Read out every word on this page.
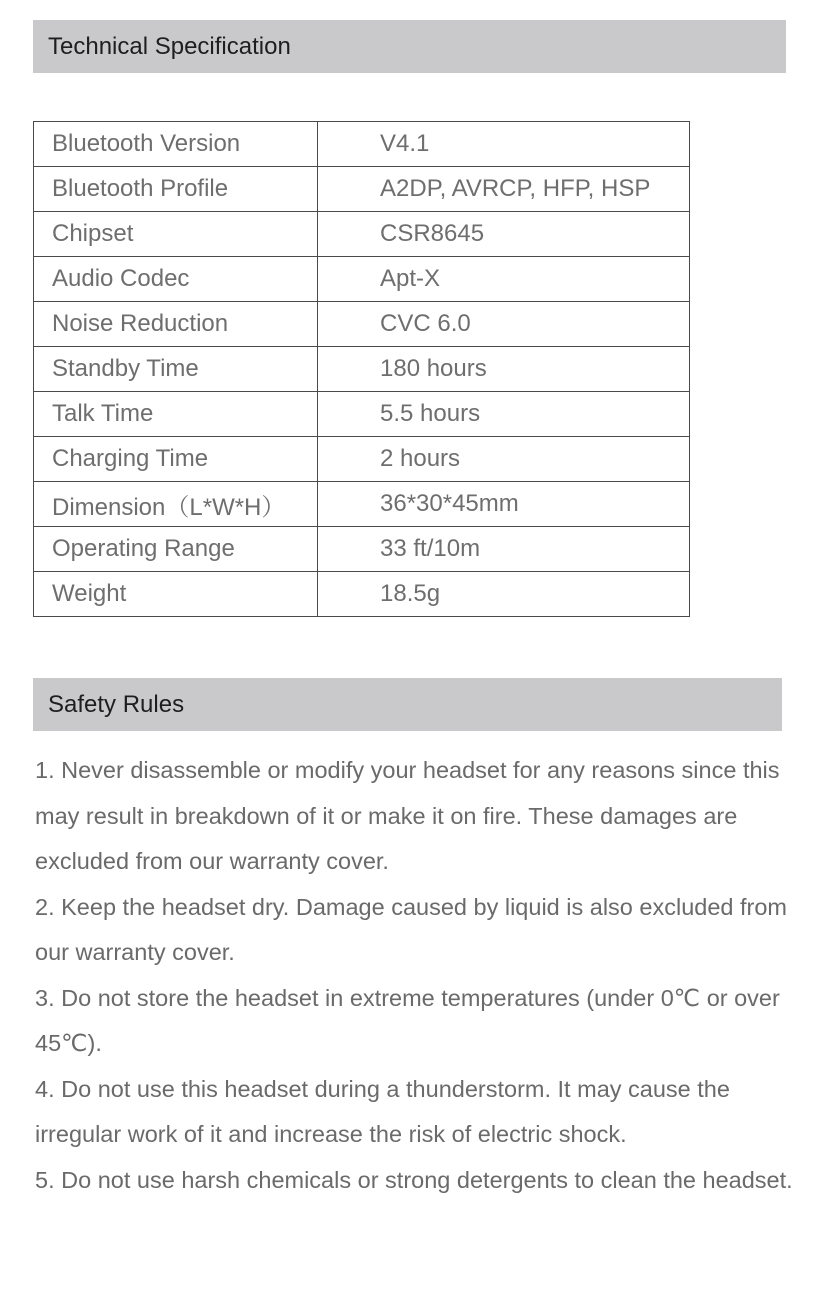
Technical Specification
Bluetooth Version	V4.1
Bluetooth Profile	A2DP, AVRCP, HFP, HSP
Chipset	CSR8645
Audio Codec	Apt-X
Noise Reduction	CVC 6.0
Standby Time	180 hours
Talk Time	5.5 hours
Charging Time	2 hours
Dimension（L*W*H）	36*30*45mm
Operating Range	33 ft/10m
Weight	18.5g
Safety Rules

1. Never disassemble or modify your headset for any reasons since this may result in breakdown of it or make it on fire. These damages are excluded from our warranty cover.

2. Keep the headset dry. Damage caused by liquid is also excluded from our warranty cover.

3. Do not store the headset in extreme temperatures (under 0℃ or over 45℃).

4. Do not use this headset during a thunderstorm. It may cause the irregular work of it and increase the risk of electric shock.

5. Do not use harsh chemicals or strong detergents to clean the headset.
